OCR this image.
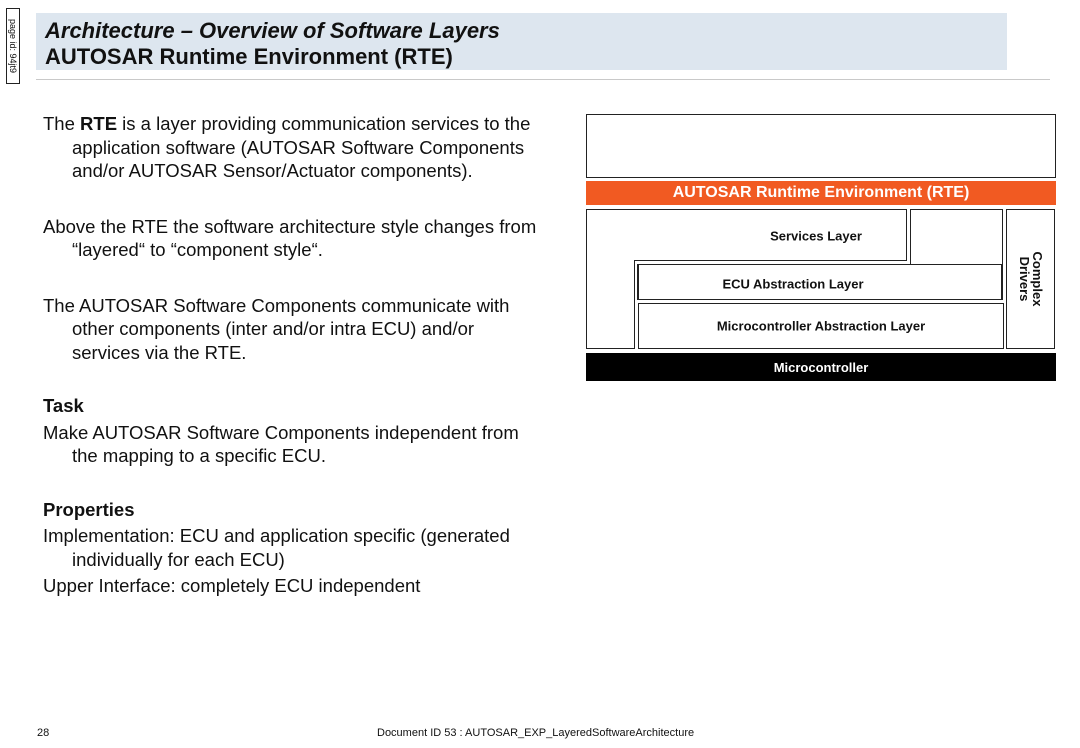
page id: 94jt9 Architecture – Overview of Software Layers
AUTOSAR Runtime Environment (RTE)

The RTE is a layer providing communication services to the application software (AUTOSAR Software Components and/or AUTOSAR Sensor/Actuator components).

Above the RTE the software architecture style changes from “layered“ to “component style“.

The AUTOSAR Software Components communicate with other components (inter and/or intra ECU) and/or services via the RTE.

Task

Make AUTOSAR Software Components independent from the mapping to a specific ECU.

Properties

Implementation: ECU and application specific (generated individually for each ECU)

Upper Interface: completely ECU independent

AUTOSAR Runtime Environment (RTE)
Services Layer
ECU Abstraction Layer
Microcontroller Abstraction Layer
Complex
Drivers
Microcontroller
28	Document ID 53 : AUTOSAR_EXP_LayeredSoftwareArchitecture
